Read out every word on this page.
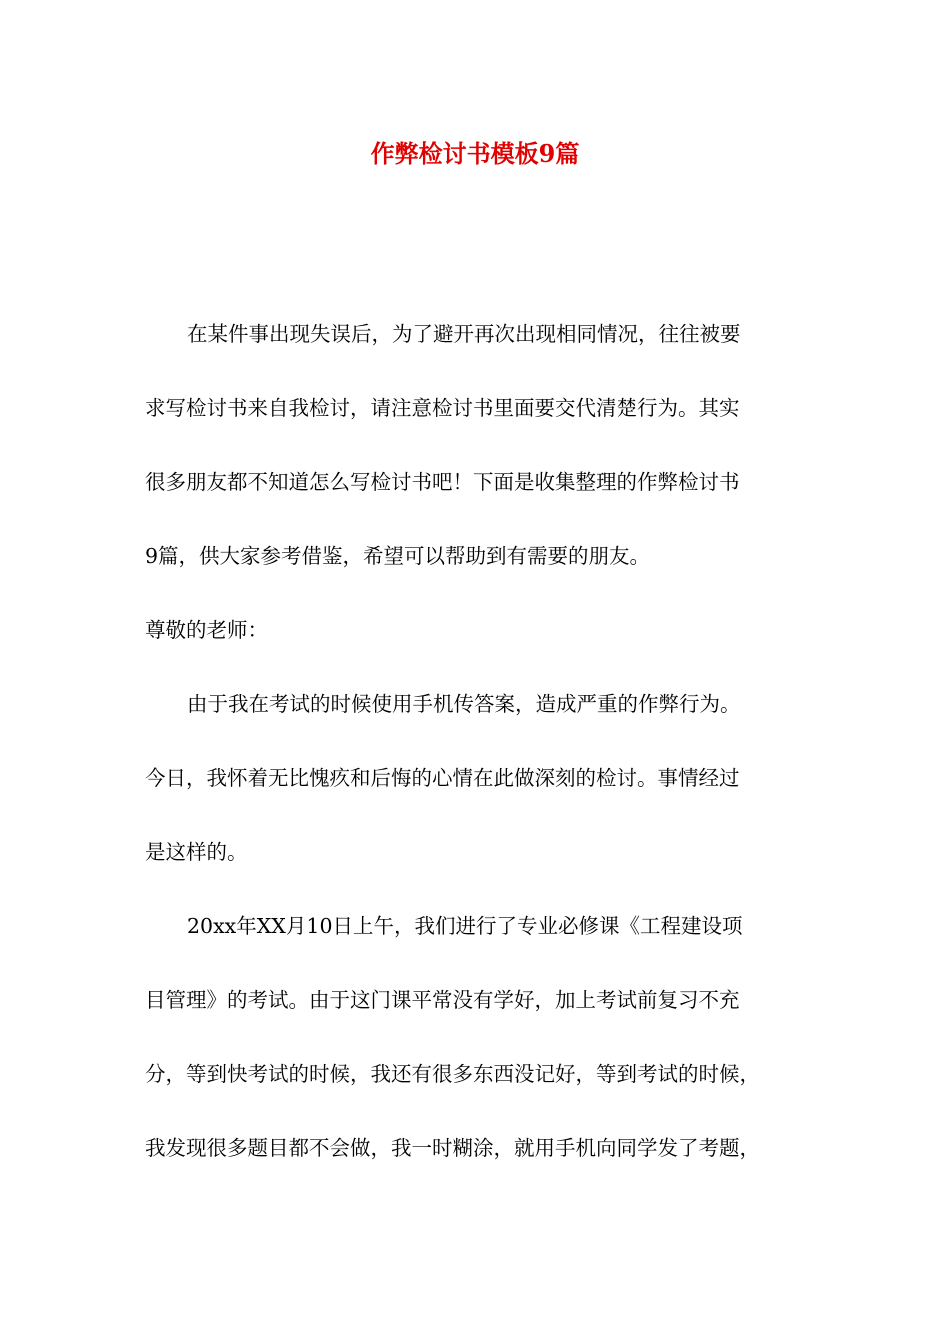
作弊检讨书模板9篇

在某件事出现失误后，为了避开再次出现相同情况，往往被要
求写检讨书来自我检讨，请注意检讨书里面要交代清楚行为。其实
很多朋友都不知道怎么写检讨书吧！下面是收集整理的作弊检讨书
9篇，供大家参考借鉴，希望可以帮助到有需要的朋友。

尊敬的老师：

由于我在考试的时候使用手机传答案，造成严重的作弊行为。
今日，我怀着无比愧疚和后悔的心情在此做深刻的检讨。事情经过
是这样的。

20xx年XX月10日上午，我们进行了专业必修课《工程建设项
目管理》的考试。由于这门课平常没有学好，加上考试前复习不充
分，等到快考试的时候，我还有很多东西没记好，等到考试的时候，
我发现很多题目都不会做，我一时糊涂，就用手机向同学发了考题，
